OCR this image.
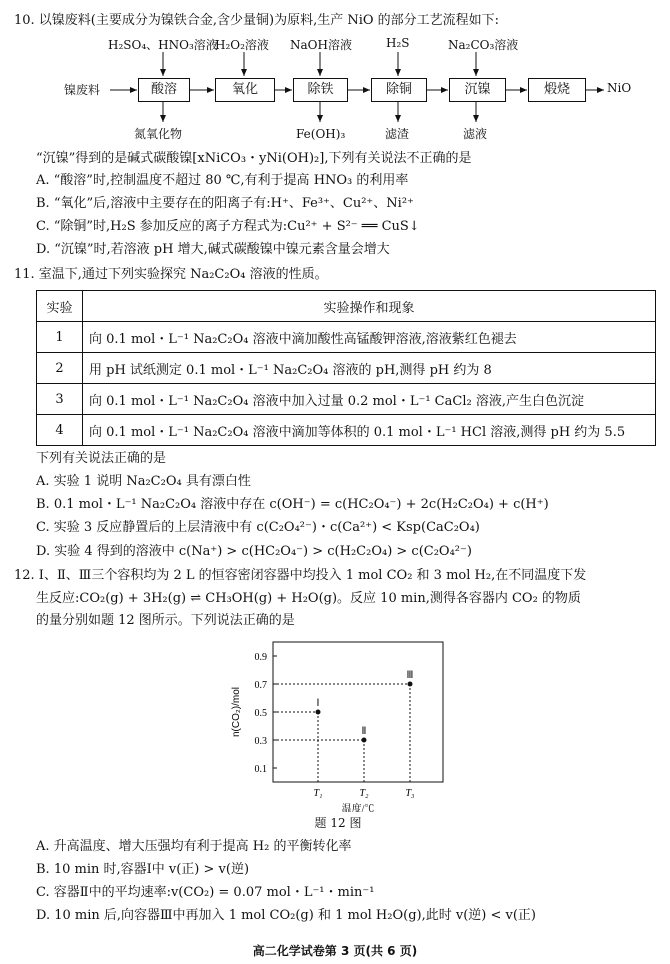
10. 以镍废料(主要成分为镍铁合金,含少量铜)为原料,生产 NiO 的部分工艺流程如下:
镍废料	NiO
酸溶	氧化	除铁	除铜	沉镍	煅烧
H₂SO₄、HNO₃溶液
H₂O₂溶液 NaOH溶液	H₂S	Na₂CO₃溶液
氮氧化物	Fe(OH)₃	滤渣	滤液
“沉镍”得到的是碱式碳酸镍[xNiCO₃・yNi(OH)₂],下列有关说法不正确的是
A. “酸溶”时,控制温度不超过 80 ℃,有利于提高 HNO₃ 的利用率
B. “氧化”后,溶液中主要存在的阳离子有:H⁺、Fe³⁺、Cu²⁺、Ni²⁺
C. “除铜”时,H₂S 参加反应的离子方程式为:Cu²⁺ + S²⁻ ══ CuS↓
D. “沉镍”时,若溶液 pH 增大,碱式碳酸镍中镍元素含量会增大
11. 室温下,通过下列实验探究 Na₂C₂O₄ 溶液的性质。
实验	实验操作和现象
1	向 0.1 mol・L⁻¹ Na₂C₂O₄ 溶液中滴加酸性高锰酸钾溶液,溶液紫红色褪去
2	用 pH 试纸测定 0.1 mol・L⁻¹ Na₂C₂O₄ 溶液的 pH,测得 pH 约为 8
3	向 0.1 mol・L⁻¹ Na₂C₂O₄ 溶液中加入过量 0.2 mol・L⁻¹ CaCl₂ 溶液,产生白色沉淀
4	向 0.1 mol・L⁻¹ Na₂C₂O₄ 溶液中滴加等体积的 0.1 mol・L⁻¹ HCl 溶液,测得 pH 约为 5.5
下列有关说法正确的是
A. 实验 1 说明 Na₂C₂O₄ 具有漂白性
B. 0.1 mol・L⁻¹ Na₂C₂O₄ 溶液中存在 c(OH⁻) = c(HC₂O₄⁻) + 2c(H₂C₂O₄) + c(H⁺)
C. 实验 3 反应静置后的上层清液中有 c(C₂O₄²⁻)・c(Ca²⁺) < Ksp(CaC₂O₄)
D. 实验 4 得到的溶液中 c(Na⁺) > c(HC₂O₄⁻) > c(H₂C₂O₄) > c(C₂O₄²⁻)
12. Ⅰ、Ⅱ、Ⅲ三个容积均为 2 L 的恒容密闭容器中均投入 1 mol CO₂ 和 3 mol H₂,在不同温度下发
生反应:CO₂(g) + 3H₂(g) ⇌ CH₃OH(g) + H₂O(g)。反应 10 min,测得各容器内 CO₂ 的物质
的量分别如题 12 图所示。下列说法正确的是
0.1
0.3
0.5
0.7
0.9
T₁	T₂	T₃
n(CO₂)/mol
温度/℃
Ⅰ
Ⅱ
Ⅲ
题 12 图
A. 升高温度、增大压强均有利于提高 H₂ 的平衡转化率
B. 10 min 时,容器Ⅰ中 v(正) > v(逆)
C. 容器Ⅱ中的平均速率:v(CO₂) = 0.07 mol・L⁻¹・min⁻¹
D. 10 min 后,向容器Ⅲ中再加入 1 mol CO₂(g) 和 1 mol H₂O(g),此时 v(逆) < v(正)
高二化学试卷第 3 页(共 6 页)
